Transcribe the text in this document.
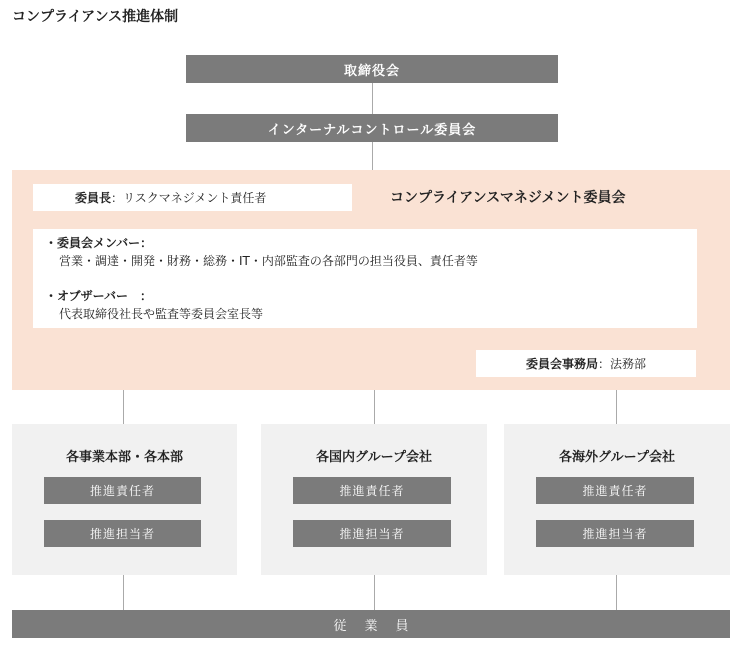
コンプライアンス推進体制
取締役会
インターナルコントロール委員会
委員長 ： リスクマネジメント責任者	コンプライアンスマネジメント委員会
・委員会メンバー：
営業・調達・開発・財務・総務・IT・内部監査の各部門の担当役員、責任者等
・オブザーバー　：
代表取締役社長や監査等委員会室長等
委員会事務局 ： 法務部
各事業本部・各本部
推進責任者
推進担当者
各国内グループ会社
推進責任者
推進担当者
各海外グループ会社
推進責任者
推進担当者
従業員
